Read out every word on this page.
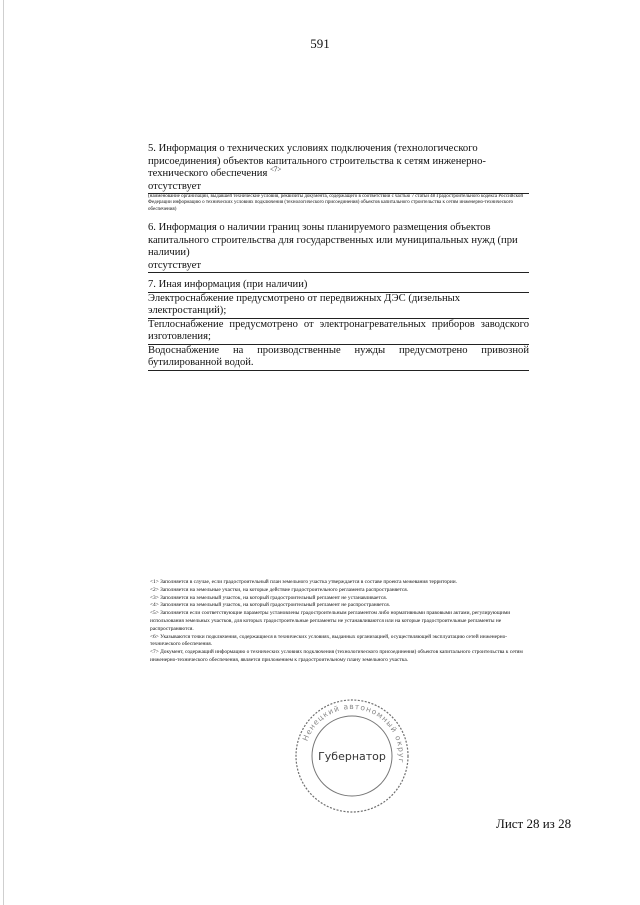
591
5. Информация о технических условиях подключения (технологического присоединения) объектов капитального строительства к сетям инженерно-технического обеспечения $^{<7>}$
отсутствует
(наименование организации, выдавшей технические условия, реквизиты документа, содержащего в соответствии с частью 7 статьи 48 Градостроительного кодекса Российской Федерации информацию о технических условиях подключения (технологического присоединения) объектов капитального строительства к сетям инженерно-технического обеспечения)
6. Информация о наличии границ зоны планируемого размещения объектов капитального строительства для государственных или муниципальных нужд (при наличии)
отсутствует
7. Иная информация (при наличии)
Электроснабжение предусмотрено от передвижных ДЭС (дизельных электростанций);
Теплоснабжение предусмотрено от электронагревательных приборов заводского
изготовления;
Водоснабжение на производственные нужды предусмотрено привозной
бутилированной водой.

<1> Заполняется в случае, если градостроительный план земельного участка утверждается в составе проекта межевания территории.

<2> Заполняется на земельные участки, на которые действие градостроительного регламента распространяется.

<3> Заполняется на земельный участок, на который градостроительный регламент не устанавливается.

<4> Заполняется на земельный участок, на который градостроительный регламент не распространяется.

<5> Заполняется если соответствующие параметры установлены градостроительным регламентом либо нормативными правовыми актами, регулирующими использования земельных участков, для которых градостроительные регламенты не устанавливаются или на которые градостроительные регламенты не распространяются.

<6> Указываются точки подключения, содержащиеся в технических условиях, выданных организацией, осуществляющей эксплуатацию сетей инженерно-технического обеспечения.

<7> Документ, содержащий информацию о технических условиях подключения (технологического присоединения) объектов капитального строительства к сетям инженерно-технического обеспечения, является приложением к градостроительному плану земельного участка.

Ненецкий автономный округ
Губернатор
Лист 28 из 28
